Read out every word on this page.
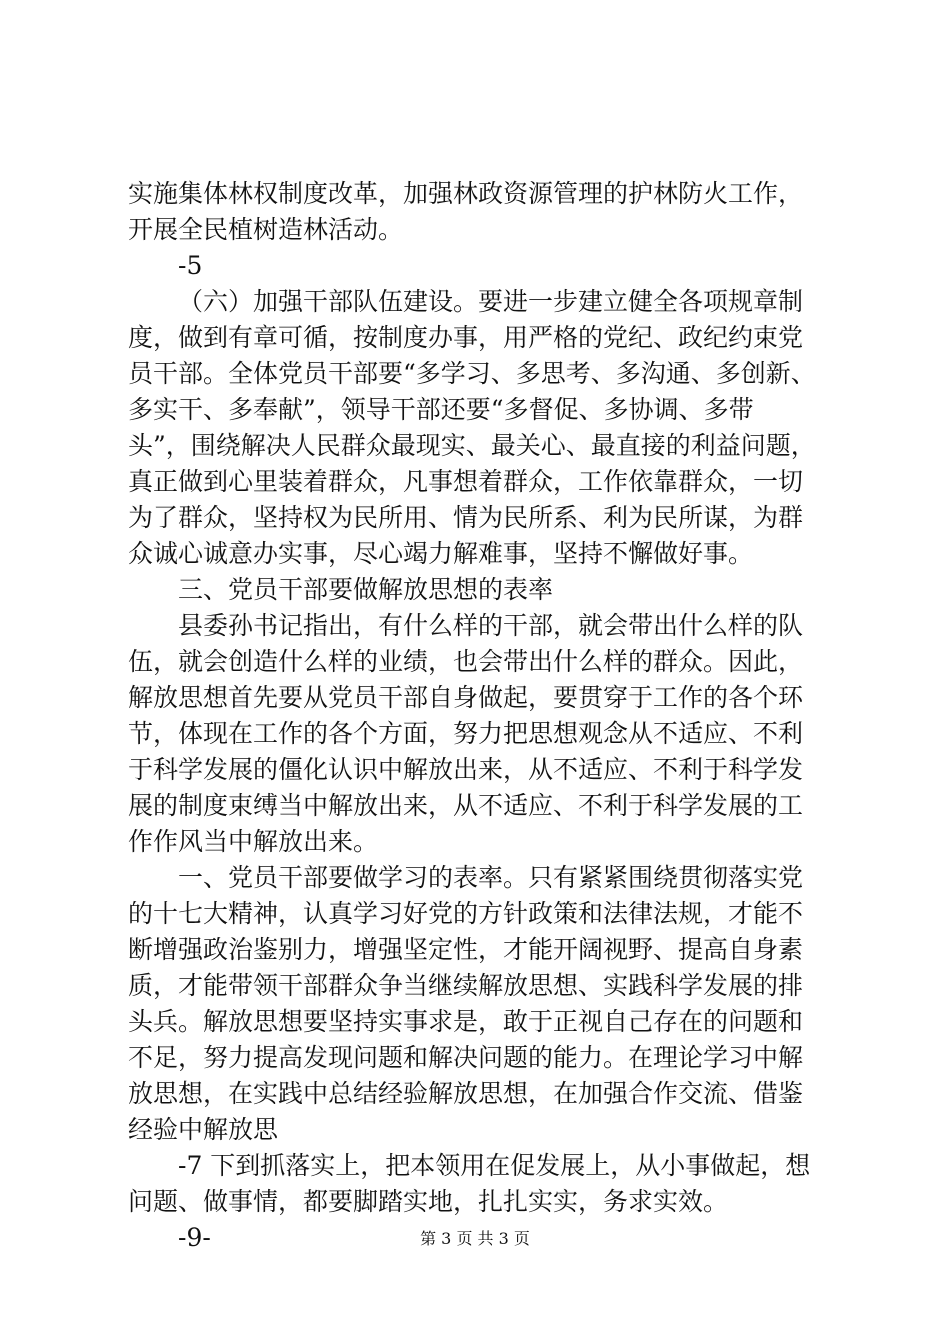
实施集体林权制度改革，加强林政资源管理的护林防火工作，
开展全民植树造林活动。
-5
（六）加强干部队伍建设。要进一步建立健全各项规章制
度，做到有章可循，按制度办事，用严格的党纪、政纪约束党
员干部。全体党员干部要“多学习、多思考、多沟通、多创新、
多实干、多奉献”，领导干部还要“多督促、多协调、多带
头”，围绕解决人民群众最现实、最关心、最直接的利益问题，
真正做到心里装着群众，凡事想着群众，工作依靠群众，一切
为了群众，坚持权为民所用、情为民所系、利为民所谋，为群
众诚心诚意办实事，尽心竭力解难事，坚持不懈做好事。
三、党员干部要做解放思想的表率
县委孙书记指出，有什么样的干部，就会带出什么样的队
伍，就会创造什么样的业绩，也会带出什么样的群众。因此，
解放思想首先要从党员干部自身做起，要贯穿于工作的各个环
节，体现在工作的各个方面，努力把思想观念从不适应、不利
于科学发展的僵化认识中解放出来，从不适应、不利于科学发
展的制度束缚当中解放出来，从不适应、不利于科学发展的工
作作风当中解放出来。
一、党员干部要做学习的表率。只有紧紧围绕贯彻落实党
的十七大精神，认真学习好党的方针政策和法律法规，才能不
断增强政治鉴别力，增强坚定性，才能开阔视野、提高自身素
质，才能带领干部群众争当继续解放思想、实践科学发展的排
头兵。解放思想要坚持实事求是，敢于正视自己存在的问题和
不足，努力提高发现问题和解决问题的能力。在理论学习中解
放思想，在实践中总结经验解放思想，在加强合作交流、借鉴
经验中解放思
-7 下到抓落实上，把本领用在促发展上，从小事做起，想
问题、做事情，都要脚踏实地，扎扎实实，务求实效。
-9-	第 3 页 共 3 页
